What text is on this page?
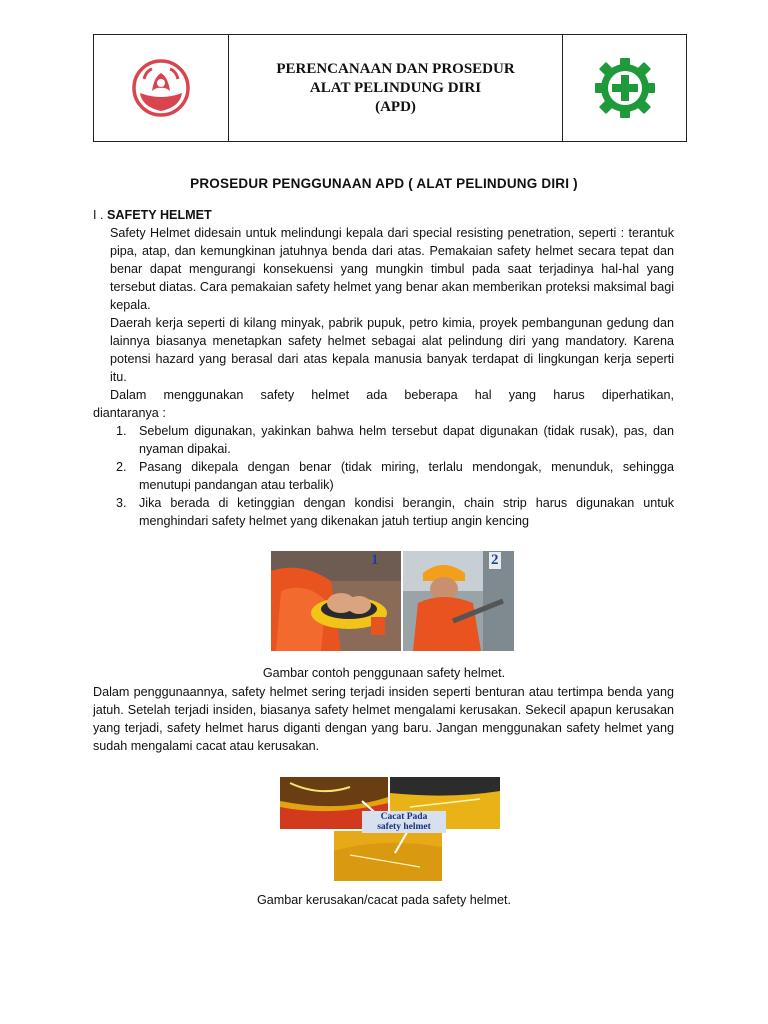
PERENCANAAN DAN PROSEDUR
ALAT PELINDUNG DIRI
(APD)
PROSEDUR PENGGUNAAN APD ( ALAT PELINDUNG DIRI )
I . SAFETY HELMET
Safety Helmet didesain untuk melindungi kepala dari special resisting penetration, seperti : terantuk pipa, atap, dan kemungkinan jatuhnya benda dari atas. Pemakaian safety helmet secara tepat dan benar dapat mengurangi konsekuensi yang mungkin timbul pada saat terjadinya hal-hal yang tersebut diatas. Cara pemakaian safety helmet yang benar akan memberikan proteksi maksimal bagi kepala.
Daerah kerja seperti di kilang minyak, pabrik pupuk, petro kimia, proyek pembangunan gedung dan lainnya biasanya menetapkan safety helmet sebagai alat pelindung diri yang mandatory. Karena potensi hazard yang berasal dari atas kepala manusia banyak terdapat di lingkungan kerja seperti itu.
Dalam menggunakan safety helmet ada beberapa hal yang harus diperhatikan,
diantaranya :
1. Sebelum digunakan, yakinkan bahwa helm tersebut dapat digunakan (tidak rusak), pas, dan nyaman dipakai.
2. Pasang dikepala dengan benar (tidak miring, terlalu mendongak, menunduk, sehingga menutupi pandangan atau terbalik)
3. Jika berada di ketinggian dengan kondisi berangin, chain strip harus digunakan untuk menghindari safety helmet yang dikenakan jatuh tertiup angin kencing
1	2
Gambar contoh penggunaan safety helmet.
Dalam penggunaannya, safety helmet sering terjadi insiden seperti benturan atau tertimpa benda yang jatuh. Setelah terjadi insiden, biasanya safety helmet mengalami kerusakan. Sekecil apapun kerusakan yang terjadi, safety helmet harus diganti dengan yang baru. Jangan menggunakan safety helmet yang sudah mengalami cacat atau kerusakan.
Cacat Pada
safety helmet
Gambar kerusakan/cacat pada safety helmet.
